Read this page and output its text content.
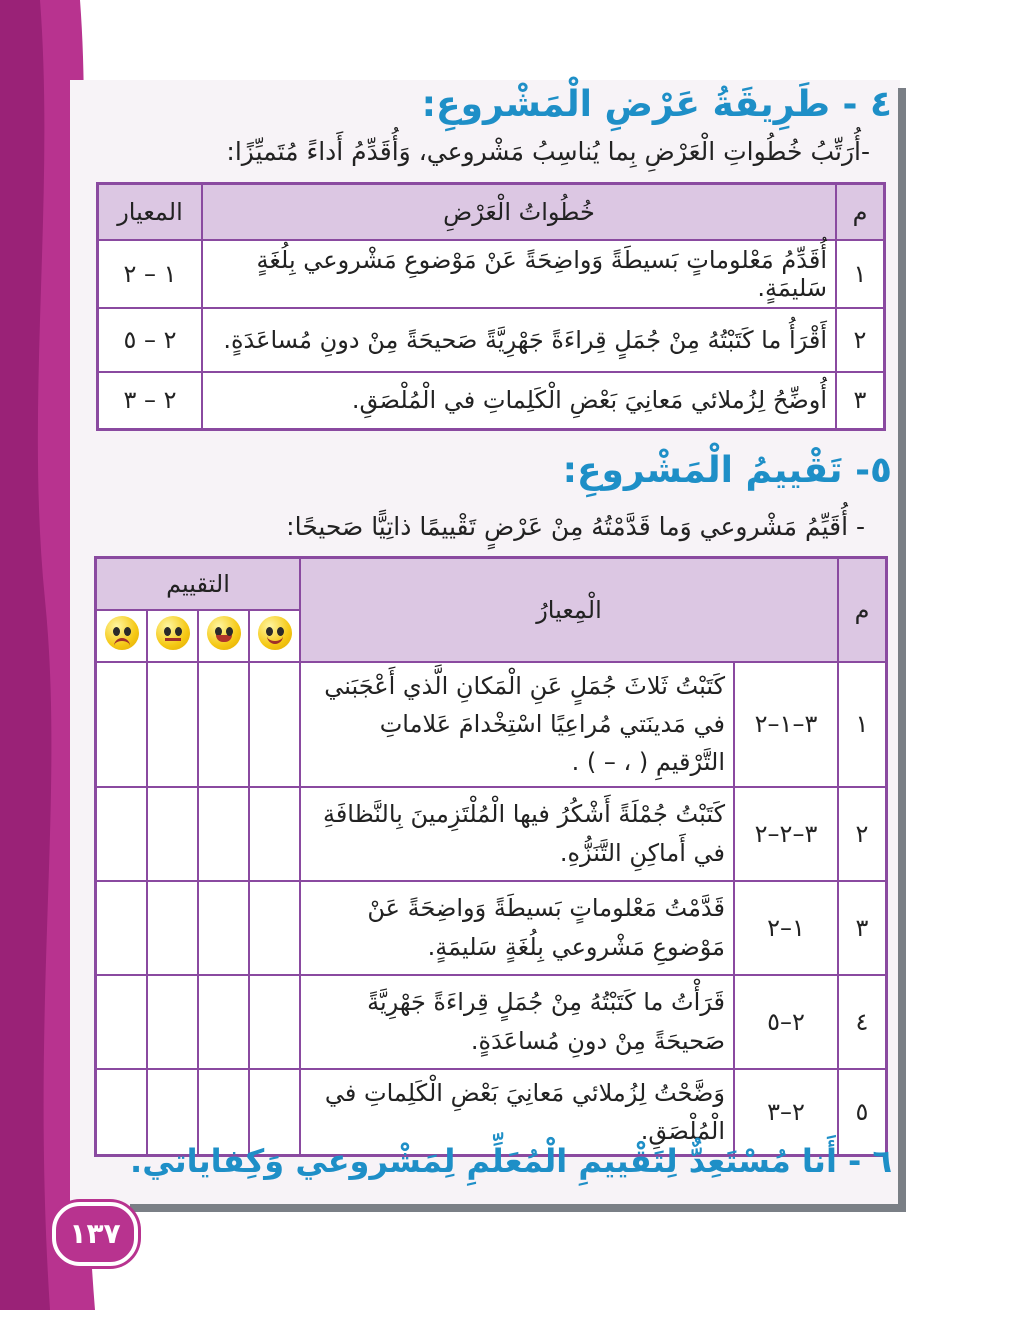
٤ - طَرِيقَةُ عَرْضِ الْمَشْروعِ:
-أُرَتِّبُ خُطُواتِ الْعَرْضِ بِما يُناسِبُ مَشْروعي، وَأُقَدِّمُ أَداءً مُتَميِّزًا:
م	خُطُواتُ الْعَرْضِ	المعيار
١	أُقَدِّمُ مَعْلوماتٍ بَسيطَةً وَواضِحَةً عَنْ مَوْضوعِ مَشْروعي بِلُغَةٍ سَليمَةٍ.	١ – ٢
٢	أَقْرَأُ ما كَتَبْتُهُ مِنْ جُمَلٍ قِراءَةً جَهْرِيَّةً صَحيحَةً مِنْ دونِ مُساعَدَةٍ.	٢ – ٥
٣	أُوضِّحُ لِزُملائي مَعانِيَ بَعْضِ الْكَلِماتِ في الْمُلْصَقِ.	٢ – ٣
٥- تَقْييمُ الْمَشْروعِ:
- أُقَيِّمُ مَشْروعي وَما قَدَّمْتُهُ مِنْ عَرْضٍ تَقْييمًا ذاتِيًّا صَحيحًا:
م	الْمِعيارُ		التقييم			

١	٣–١–٢	كَتَبْتُ ثَلاثَ جُمَلٍ عَنِ الْمَكانِ الَّذي أَعْجَبَني في مَدينَتي مُراعِيًا اسْتِخْدامَ عَلاماتِ التَّرْقيمِ ( ، – ) .				
٢	٣–٢–٢	كَتَبْتُ جُمْلَةً أَشْكُرُ فيها الْمُلْتَزِمينَ بِالنَّظافَةِ في أَماكِنِ التَّنَزُّهِ.				
٣	١–٢	قَدَّمْتُ مَعْلوماتٍ بَسيطَةً وَواضِحَةً عَنْ مَوْضوعِ مَشْروعي بِلُغَةٍ سَليمَةٍ.				
٤	٢–٥	قَرَأْتُ ما كَتَبْتُهُ مِنْ جُمَلٍ قِراءَةً جَهْرِيَّةً صَحيحَةً مِنْ دونِ مُساعَدَةٍ.				
٥	٢–٣	وَضَّحْتُ لِزُملائي مَعانِيَ بَعْضِ الْكَلِماتِ في الْمُلْصَقِ.				
٦ - أَنا مُسْتَعِدٌّ لِتَقْييمِ الْمُعَلِّمِ لِمَشْروعي وَكِفاياتي.
١٣٧
